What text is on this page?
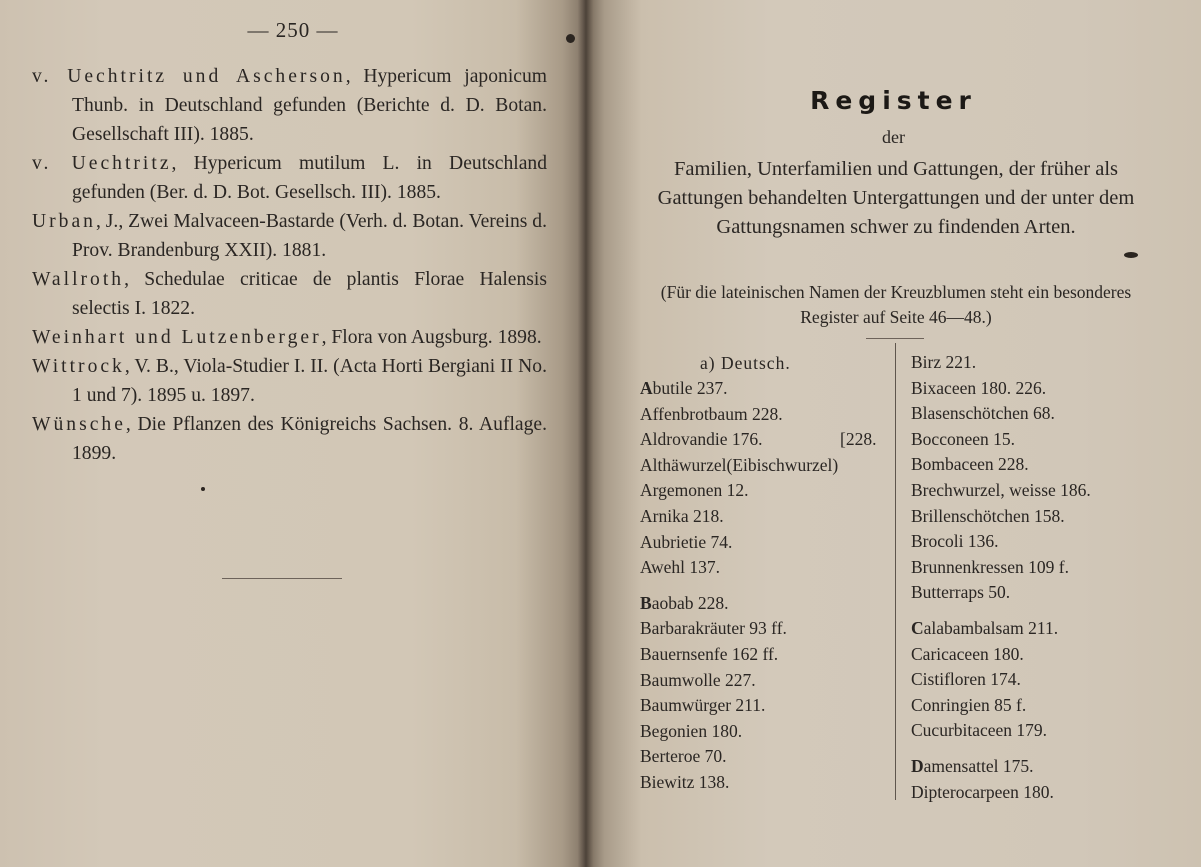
— 250 —

v. Uechtritz und Ascherson, Hypericum japonicum Thunb. in Deutschland gefunden (Berichte d. D. Botan. Gesellschaft III). 1885.

v. Uechtritz, Hypericum mutilum L. in Deutschland gefunden (Ber. d. D. Bot. Gesellsch. III). 1885.

Urban, J., Zwei Malvaceen-Bastarde (Verh. d. Botan. Vereins d. Prov. Brandenburg XXII). 1881.

Wallroth, Schedulae criticae de plantis Florae Halensis selectis I. 1822.

Weinhart und Lutzenberger, Flora von Augsburg. 1898.

Wittrock, V. B., Viola-Studier I. II. (Acta Horti Bergiani II No. 1 und 7). 1895 u. 1897.

Wünsche, Die Pflanzen des Königreichs Sachsen. 8. Auflage. 1899.

Register
der
Familien, Unterfamilien und Gattungen, der früher als Gattungen behandelten Untergattungen und der unter dem Gattungsnamen schwer zu findenden Arten.
(Für die lateinischen Namen der Kreuzblumen steht ein besonderes Register auf Seite 46—48.)

a) Deutsch.

Abutile 237.

Affenbrotbaum 228.

Aldrovandie 176.	[228.

Althäwurzel(Eibischwurzel)

Argemonen 12.

Arnika 218.

Aubrietie 74.

Awehl 137.

Baobab 228.

Barbarakräuter 93 ff.

Bauernsenfe 162 ff.

Baumwolle 227.

Baumwürger 211.

Begonien 180.

Berteroe 70.

Biewitz 138.

Birz 221.

Bixaceen 180. 226.

Blasenschötchen 68.

Bocconeen 15.

Bombaceen 228.

Brechwurzel, weisse 186.

Brillenschötchen 158.

Brocoli 136.

Brunnenkressen 109 f.

Butterraps 50.

Calabambalsam 211.

Caricaceen 180.

Cistifloren 174.

Conringien 85 f.

Cucurbitaceen 179.

Damensattel 175.

Dipterocarpeen 180.
